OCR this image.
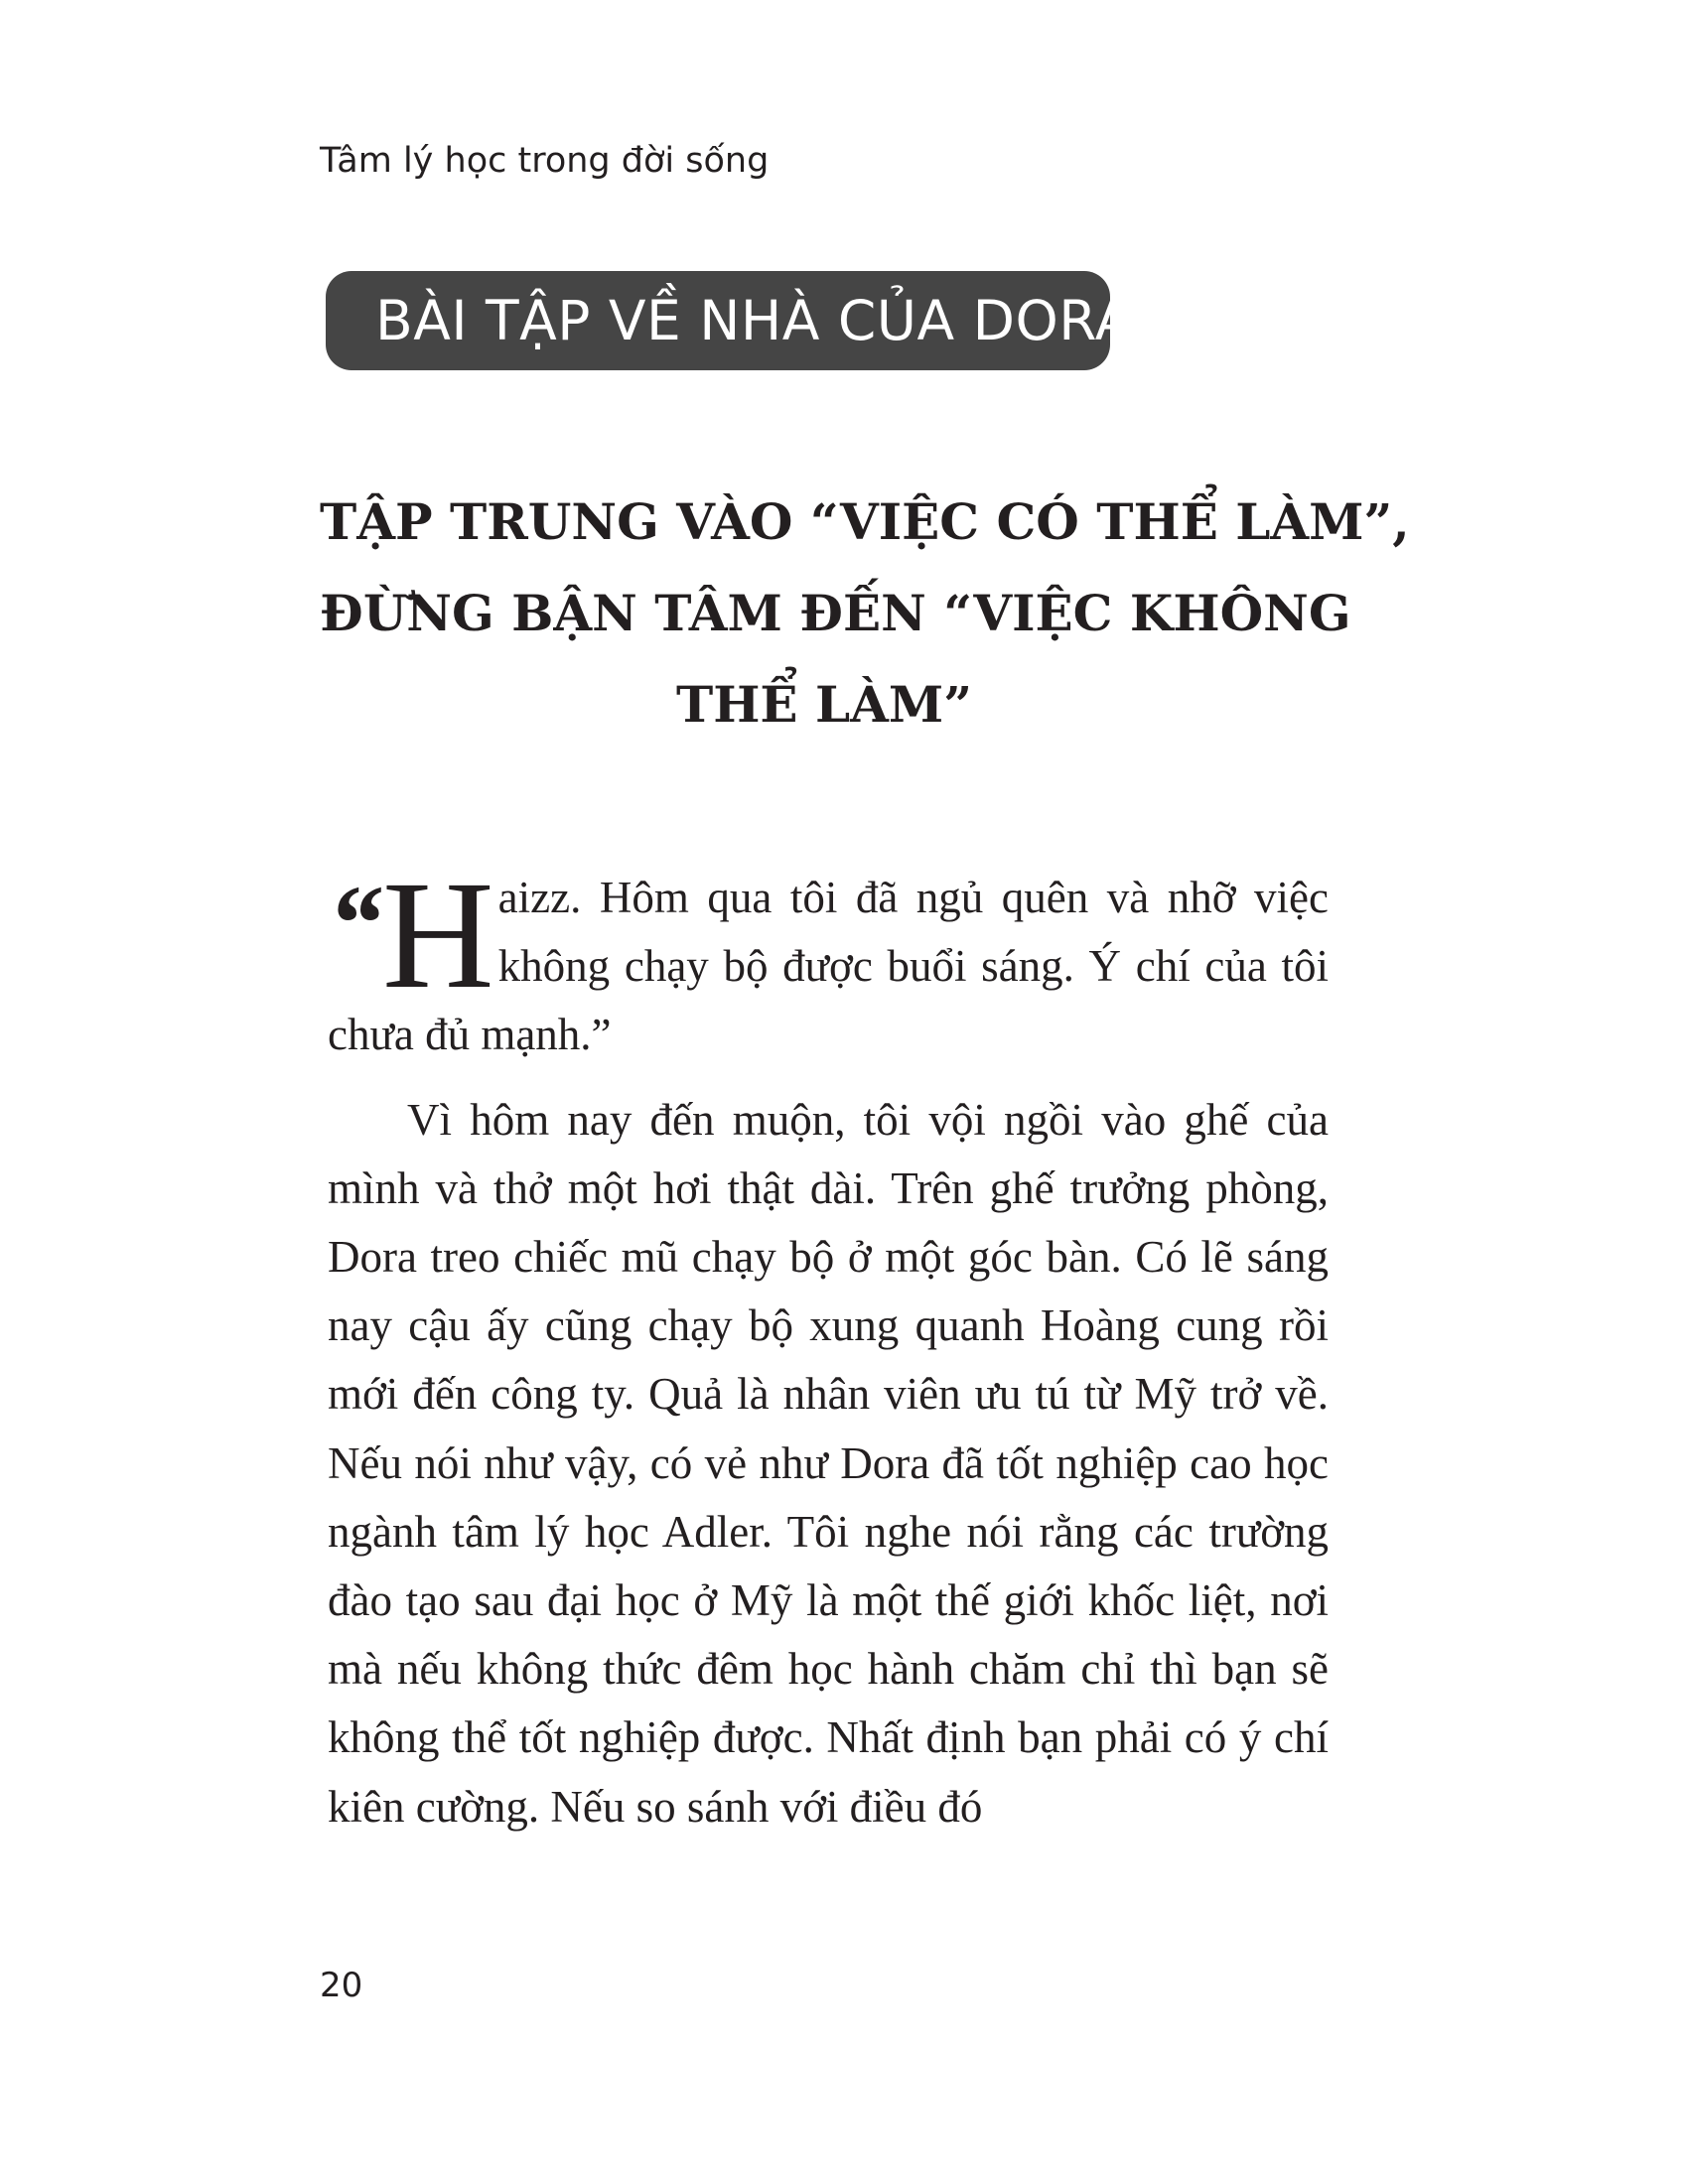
Tâm lý học trong đời sống
BÀI TẬP VỀ NHÀ CỦA DORA
TẬP TRUNG VÀO “VIỆC CÓ THỂ LÀM”,
ĐỪNG BẬN TÂM ĐẾN “VIỆC KHÔNG
THỂ LÀM”

“ H aizz. Hôm qua tôi đã ngủ quên và nhỡ việc không chạy bộ được buổi sáng. Ý chí của tôi chưa đủ mạnh.”

Vì hôm nay đến muộn, tôi vội ngồi vào ghế của mình và thở một hơi thật dài. Trên ghế trưởng phòng, Dora treo chiếc mũ chạy bộ ở một góc bàn. Có lẽ sáng nay cậu ấy cũng chạy bộ xung quanh Hoàng cung rồi mới đến công ty. Quả là nhân viên ưu tú từ Mỹ trở về. Nếu nói như vậy, có vẻ như Dora đã tốt nghiệp cao học ngành tâm lý học Adler. Tôi nghe nói rằng các trường đào tạo sau đại học ở Mỹ là một thế giới khốc liệt, nơi mà nếu không thức đêm học hành chăm chỉ thì bạn sẽ không thể tốt nghiệp được. Nhất định bạn phải có ý chí kiên cường. Nếu so sánh với điều đó

20
